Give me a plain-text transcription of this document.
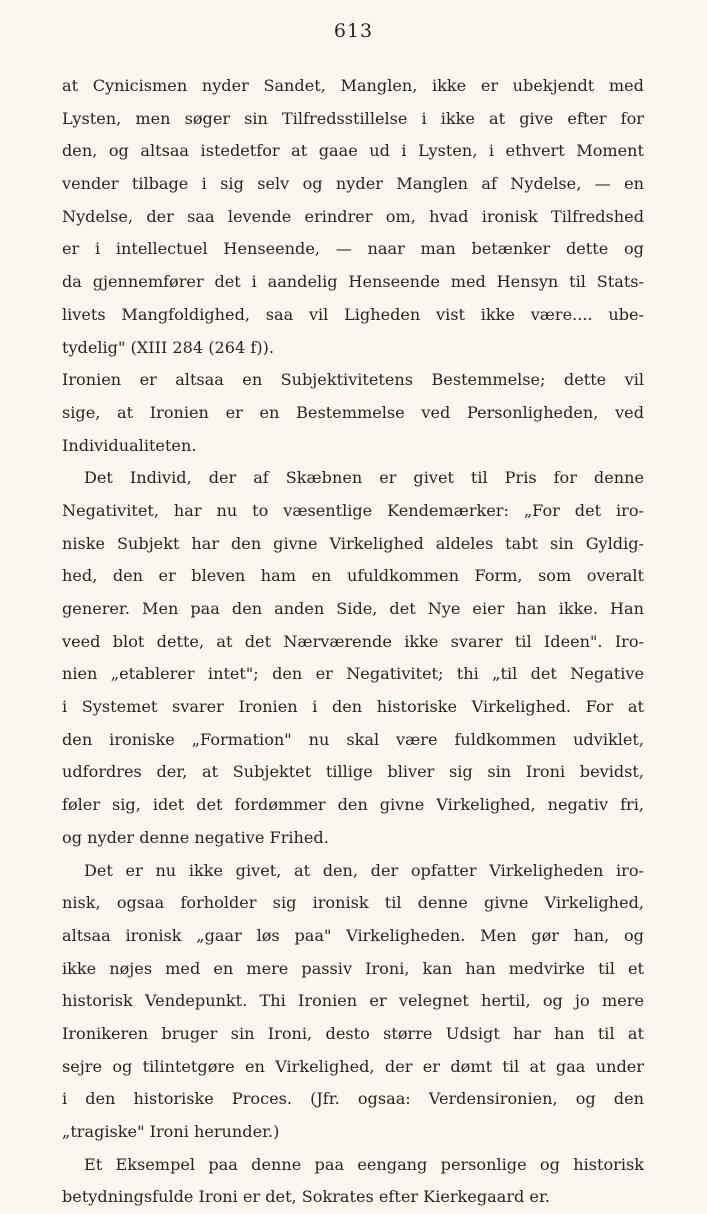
613
at Cynicismen nyder Sandet, Manglen, ikke er ubekjendt med
Lysten, men søger sin Tilfredsstillelse i ikke at give efter for
den, og altsaa istedetfor at gaae ud i Lysten, i ethvert Moment
vender tilbage i sig selv og nyder Manglen af Nydelse, — en
Nydelse, der saa levende erindrer om, hvad ironisk Tilfredshed
er i intellectuel Henseende, — naar man betænker dette og
da gjennemfører det i aandelig Henseende med Hensyn til Stats-
livets Mangfoldighed, saa vil Ligheden vist ikke være.... ube-
tydelig" (XIII 284 (264 f)).
Ironien er altsaa en Subjektivitetens Bestemmelse; dette vil
sige, at Ironien er en Bestemmelse ved Personligheden, ved
Individualiteten.
Det Individ, der af Skæbnen er givet til Pris for denne
Negativitet, har nu to væsentlige Kendemærker: „For det iro-
niske Subjekt har den givne Virkelighed aldeles tabt sin Gyldig-
hed, den er bleven ham en ufuldkommen Form, som overalt
generer. Men paa den anden Side, det Nye eier han ikke. Han
veed blot dette, at det Nærværende ikke svarer til Ideen". Iro-
nien „etablerer intet"; den er Negativitet; thi „til det Negative
i Systemet svarer Ironien i den historiske Virkelighed. For at
den ironiske „Formation" nu skal være fuldkommen udviklet,
udfordres der, at Subjektet tillige bliver sig sin Ironi bevidst,
føler sig, idet det fordømmer den givne Virkelighed, negativ fri,
og nyder denne negative Frihed.
Det er nu ikke givet, at den, der opfatter Virkeligheden iro-
nisk, ogsaa forholder sig ironisk til denne givne Virkelighed,
altsaa ironisk „gaar løs paa" Virkeligheden. Men gør han, og
ikke nøjes med en mere passiv Ironi, kan han medvirke til et
historisk Vendepunkt. Thi Ironien er velegnet hertil, og jo mere
Ironikeren bruger sin Ironi, desto større Udsigt har han til at
sejre og tilintetgøre en Virkelighed, der er dømt til at gaa under
i den historiske Proces. (Jfr. ogsaa: Verdensironien, og den
„tragiske" Ironi herunder.)
Et Eksempel paa denne paa eengang personlige og historisk
betydningsfulde Ironi er det, Sokrates efter Kierkegaard er.
